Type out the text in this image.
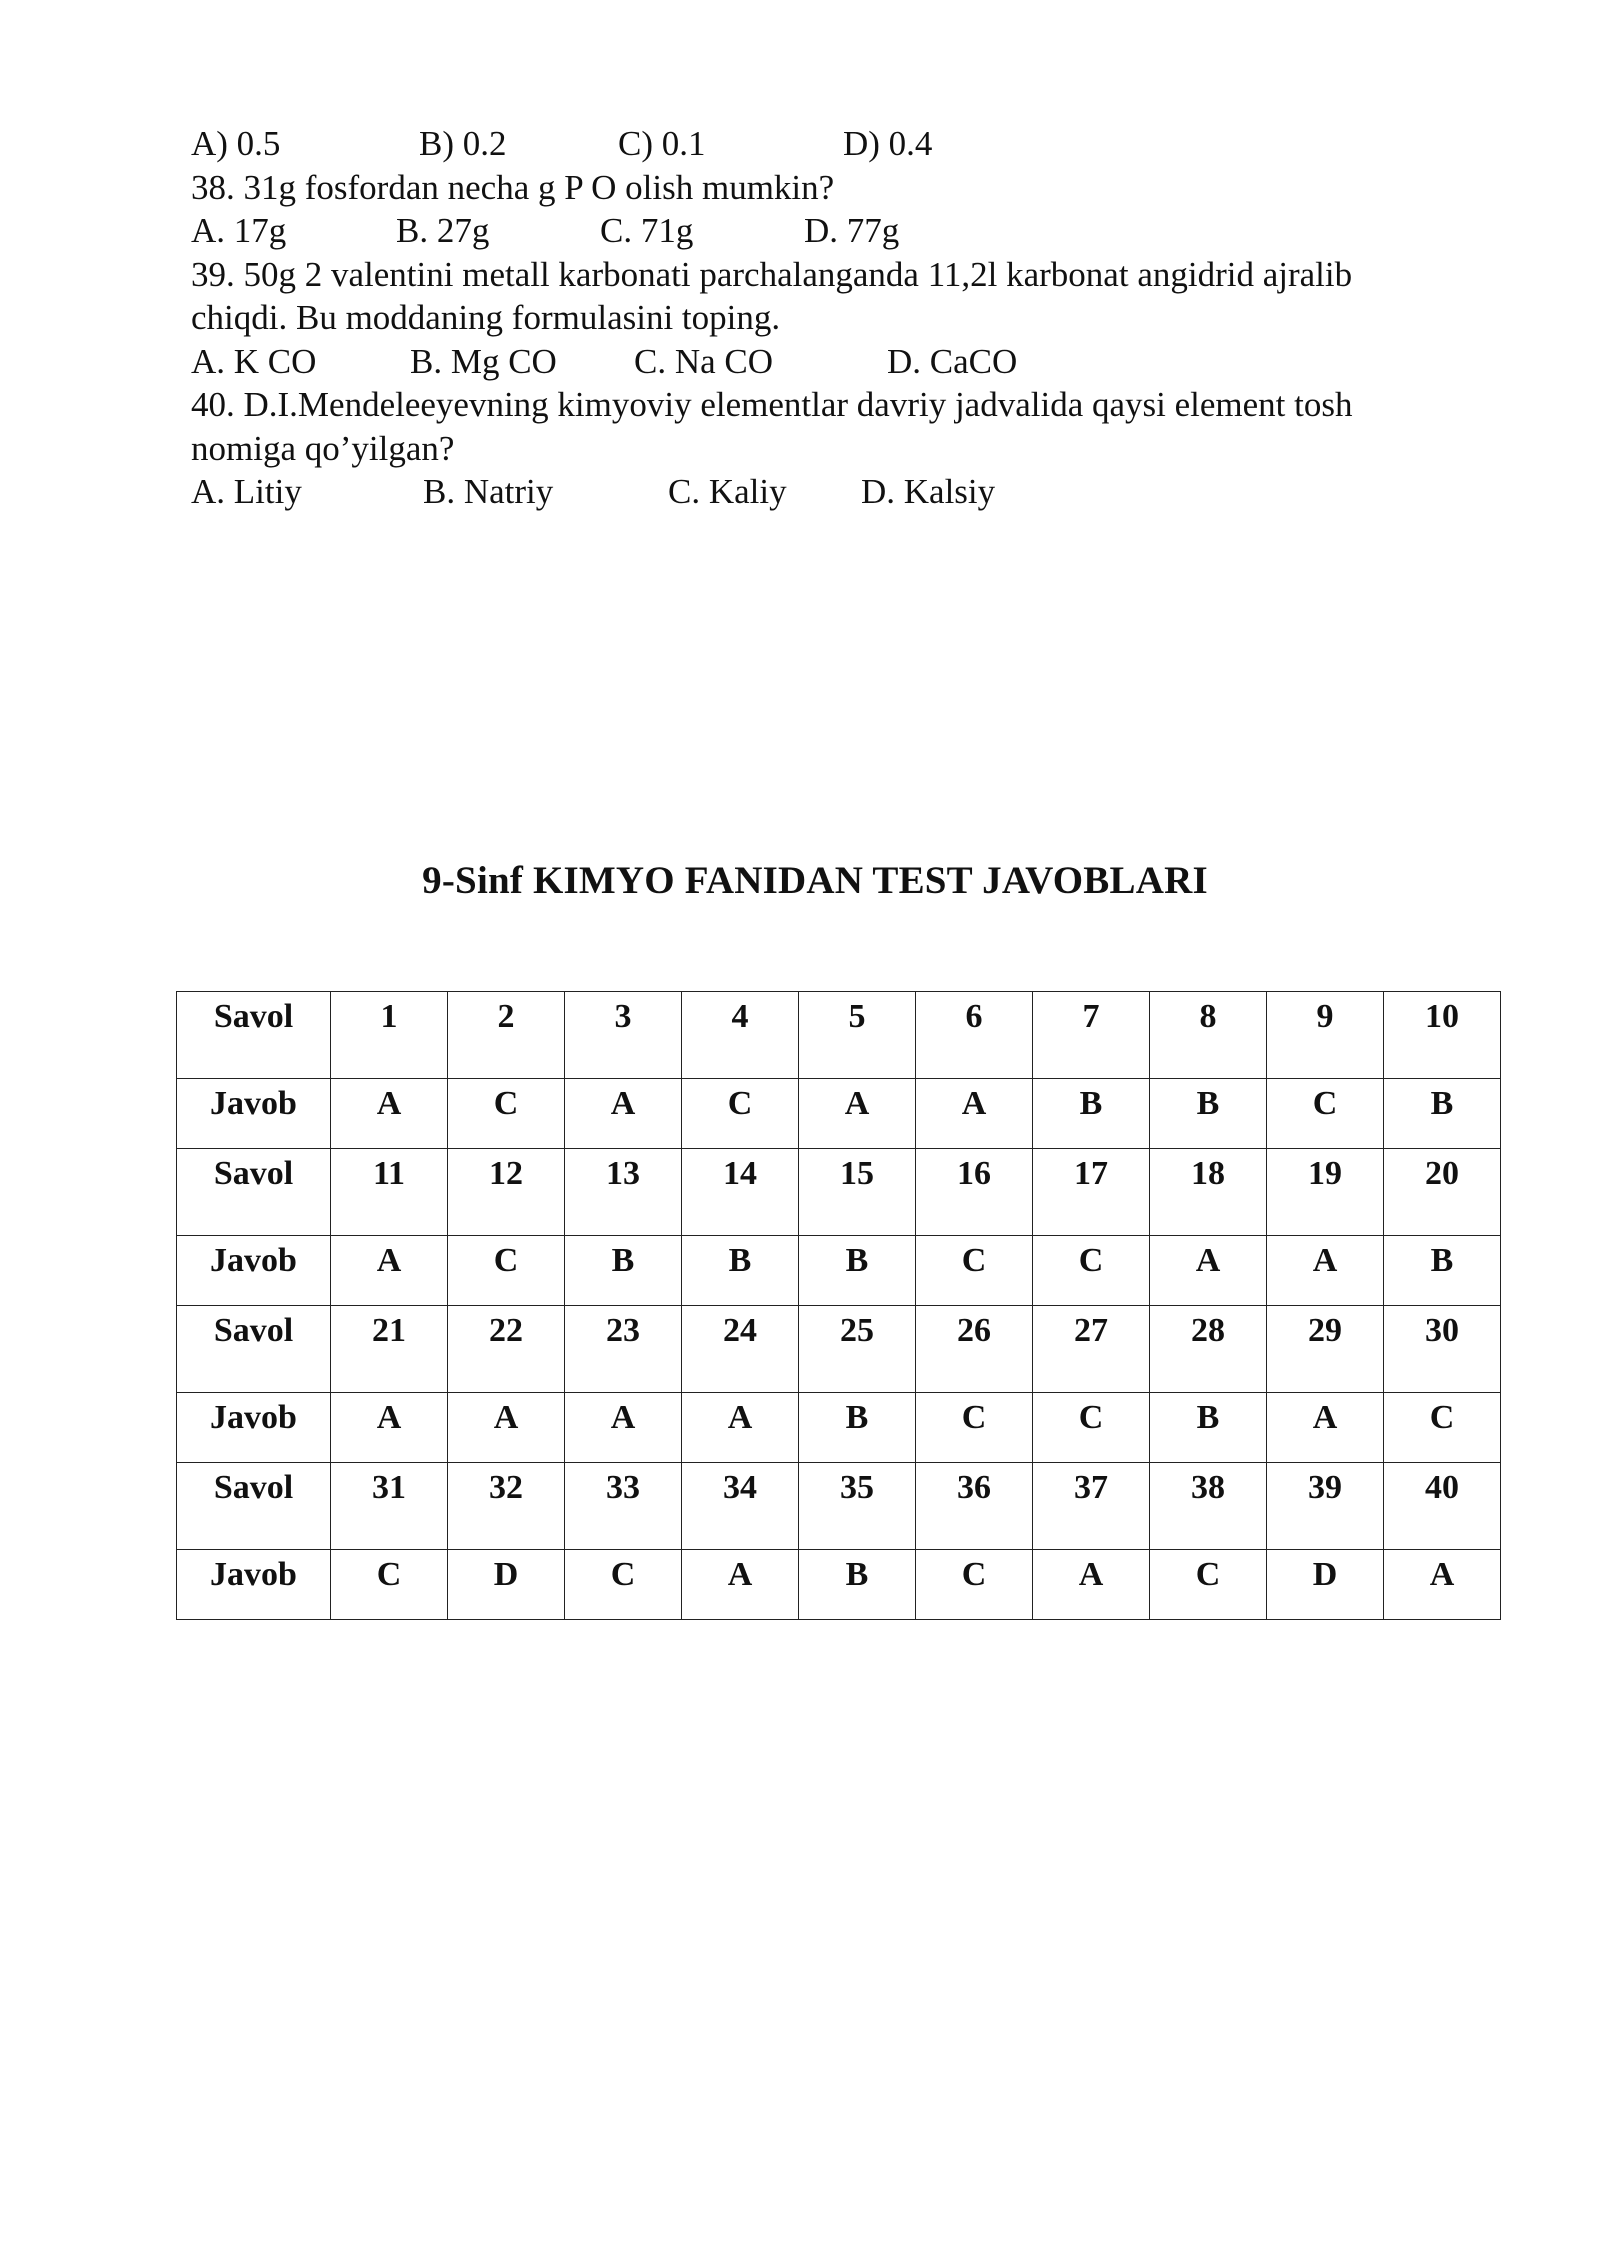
A) 0.5	B) 0.2	C) 0.1	D) 0.4
38. 31g fosfordan necha g P O olish mumkin?
A. 17g	B. 27g	C. 71g	D. 77g
39. 50g 2 valentini metall karbonati parchalanganda 11,2l karbonat angidrid ajralib
chiqdi. Bu moddaning formulasini toping.
A. K CO	B. Mg CO C. Na CO	D. CaCO
40. D.I.Mendeleeyevning kimyoviy elementlar davriy jadvalida qaysi element tosh
nomiga qo’yilgan?
A. Litiy	B. Natriy	C. Kaliy D. Kalsiy
9-Sinf KIMYO FANIDAN TEST JAVOBLARI
Savol	1	2	3	4	5	6	7	8	9	10
Javob	A	C	A	C	A	A	B	B	C	B
Savol	11	12	13	14	15	16	17	18	19	20
Javob	A	C	B	B	B	C	C	A	A	B
Savol	21	22	23	24	25	26	27	28	29	30
Javob	A	A	A	A	B	C	C	B	A	C
Savol	31	32	33	34	35	36	37	38	39	40
Javob	C	D	C	A	B	C	A	C	D	A
